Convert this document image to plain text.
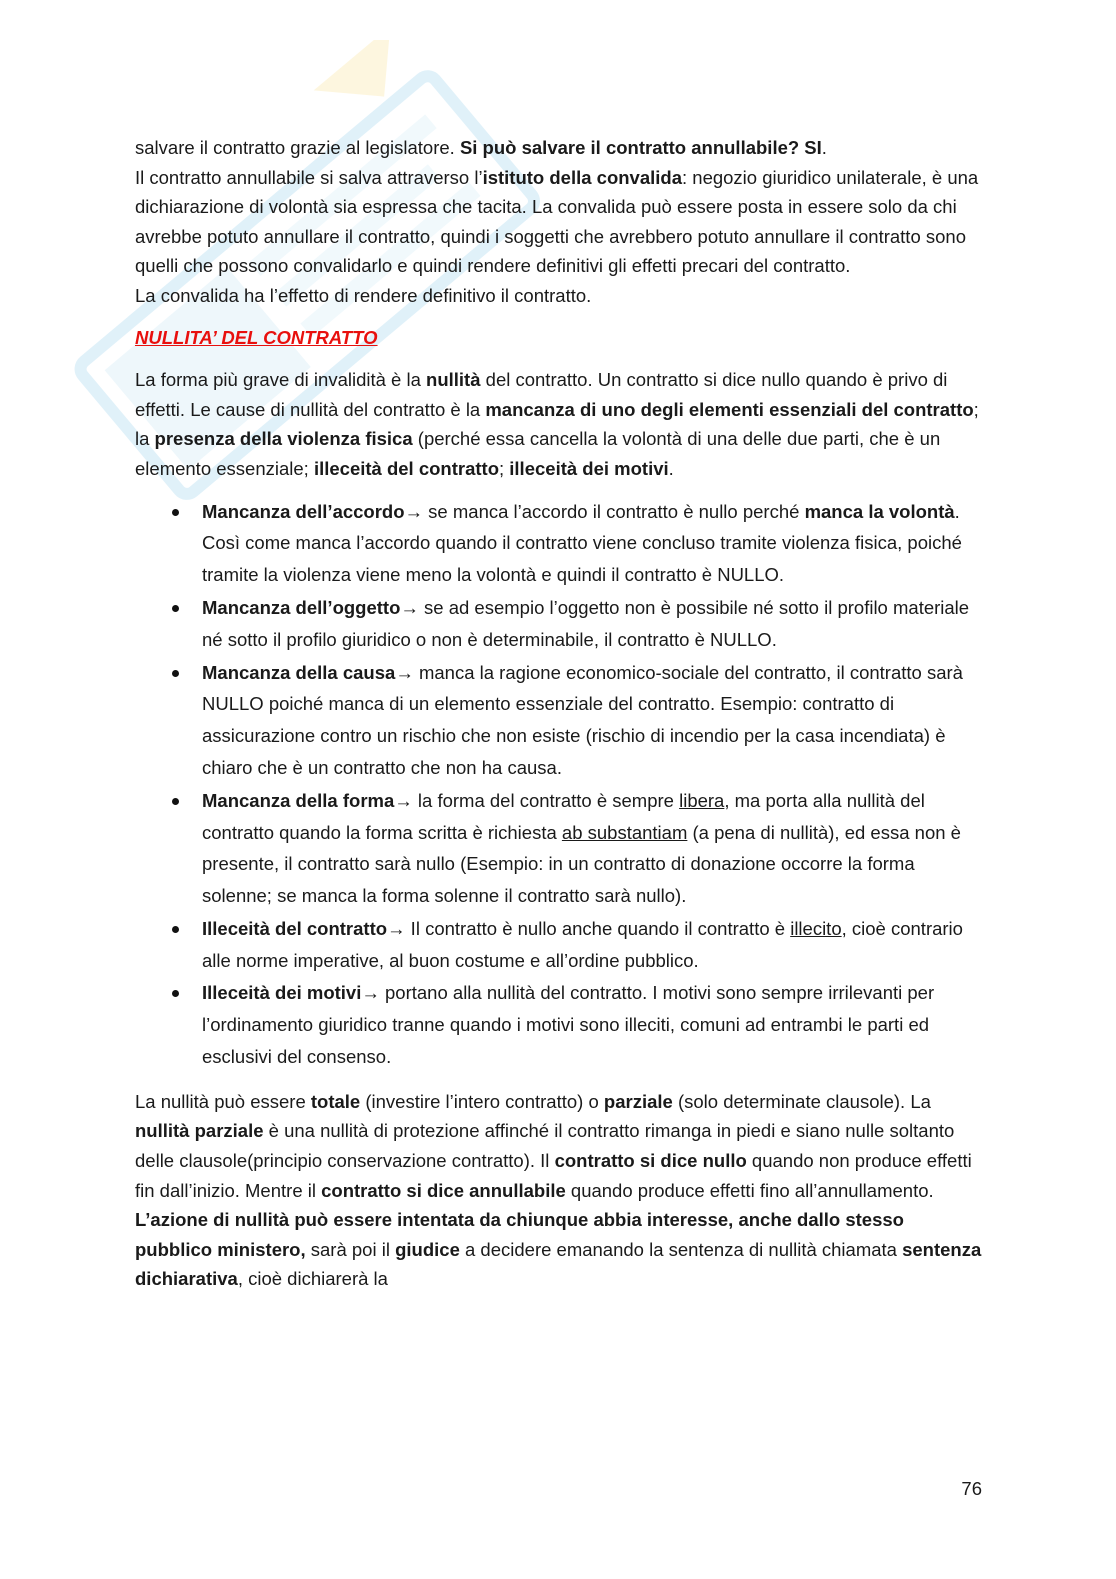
salvare il contratto grazie al legislatore. Si può salvare il contratto annullabile? SI.
Il contratto annullabile si salva attraverso l’istituto della convalida: negozio giuridico unilaterale, è una dichiarazione di volontà sia espressa che tacita. La convalida può essere posta in essere solo da chi avrebbe potuto annullare il contratto, quindi i soggetti che avrebbero potuto annullare il contratto sono quelli che possono convalidarlo e quindi rendere definitivi gli effetti precari del contratto.
La convalida ha l’effetto di rendere definitivo il contratto.

NULLITA’ DEL CONTRATTO

La forma più grave di invalidità è la nullità del contratto. Un contratto si dice nullo quando è privo di effetti. Le cause di nullità del contratto è la mancanza di uno degli elementi essenziali del contratto; la presenza della violenza fisica (perché essa cancella la volontà di una delle due parti, che è un elemento essenziale; illeceità del contratto; illeceità dei motivi.

Mancanza dell’accordo→ se manca l’accordo il contratto è nullo perché manca la volontà. Così come manca l’accordo quando il contratto viene concluso tramite violenza fisica, poiché tramite la violenza viene meno la volontà e quindi il contratto è NULLO.
Mancanza dell’oggetto→ se ad esempio l’oggetto non è possibile né sotto il profilo materiale né sotto il profilo giuridico o non è determinabile, il contratto è NULLO.
Mancanza della causa→ manca la ragione economico-sociale del contratto, il contratto sarà NULLO poiché manca di un elemento essenziale del contratto. Esempio: contratto di assicurazione contro un rischio che non esiste (rischio di incendio per la casa incendiata) è chiaro che è un contratto che non ha causa.
Mancanza della forma→ la forma del contratto è sempre libera, ma porta alla nullità del contratto quando la forma scritta è richiesta ab substantiam (a pena di nullità), ed essa non è presente, il contratto sarà nullo (Esempio: in un contratto di donazione occorre la forma solenne; se manca la forma solenne il contratto sarà nullo).
Illeceità del contratto→ Il contratto è nullo anche quando il contratto è illecito, cioè contrario alle norme imperative, al buon costume e all’ordine pubblico.
Illeceità dei motivi→ portano alla nullità del contratto. I motivi sono sempre irrilevanti per l’ordinamento giuridico tranne quando i motivi sono illeciti, comuni ad entrambi le parti ed esclusivi del consenso.

La nullità può essere totale (investire l’intero contratto) o parziale (solo determinate clausole). La nullità parziale è una nullità di protezione affinché il contratto rimanga in piedi e siano nulle soltanto delle clausole(principio conservazione contratto). Il contratto si dice nullo quando non produce effetti fin dall’inizio. Mentre il contratto si dice annullabile quando produce effetti fino all’annullamento. L’azione di nullità può essere intentata da chiunque abbia interesse, anche dallo stesso pubblico ministero, sarà poi il giudice a decidere emanando la sentenza di nullità chiamata sentenza dichiarativa, cioè dichiarerà la

76
